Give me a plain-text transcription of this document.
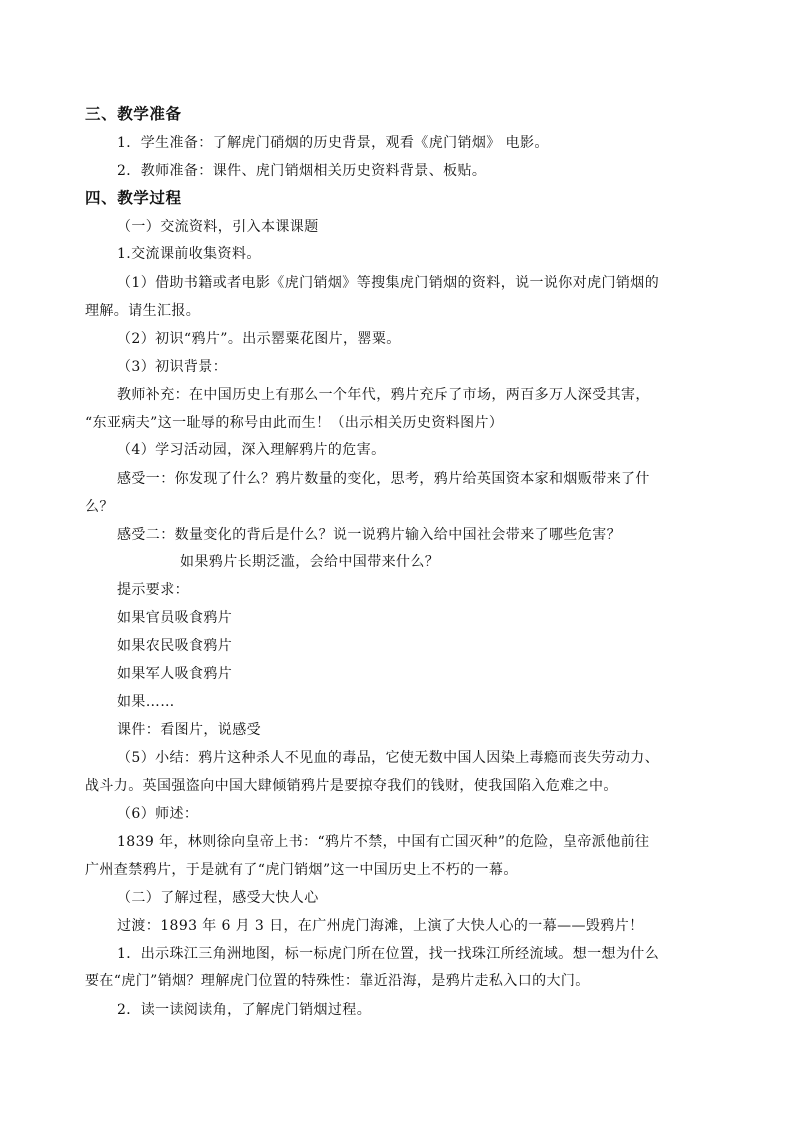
三、教学准备
1．学生准备：了解虎门硝烟的历史背景，观看《虎门销烟》 电影。
2．教师准备：课件、虎门销烟相关历史资料背景、板贴。
四、教学过程
（一）交流资料，引入本课课题
1.交流课前收集资料。
（1）借助书籍或者电影《虎门销烟》等搜集虎门销烟的资料，说一说你对虎门销烟的
理解。请生汇报。
（2）初识“鸦片”。出示罂粟花图片，罂粟。
（3）初识背景：
教师补充：在中国历史上有那么一个年代，鸦片充斥了市场，两百多万人深受其害，
“东亚病夫”这一耻辱的称号由此而生！（出示相关历史资料图片）
（4）学习活动园，深入理解鸦片的危害。
感受一：你发现了什么？鸦片数量的变化，思考，鸦片给英国资本家和烟贩带来了什
么？
感受二：数量变化的背后是什么？说一说鸦片输入给中国社会带来了哪些危害？
如果鸦片长期泛滥，会给中国带来什么？
提示要求：
如果官员吸食鸦片
如果农民吸食鸦片
如果军人吸食鸦片
如果……
课件：看图片，说感受
（5）小结：鸦片这种杀人不见血的毒品，它使无数中国人因染上毒瘾而丧失劳动力、
战斗力。英国强盗向中国大肆倾销鸦片是要掠夺我们的钱财，使我国陷入危难之中。
（6）师述：
1839 年，林则徐向皇帝上书：“鸦片不禁，中国有亡国灭种”的危险，皇帝派他前往
广州查禁鸦片，于是就有了“虎门销烟”这一中国历史上不朽的一幕。
（二）了解过程，感受大快人心
过渡：1893 年 6 月 3 日，在广州虎门海滩，上演了大快人心的一幕——毁鸦片！
1．出示珠江三角洲地图，标一标虎门所在位置，找一找珠江所经流域。想一想为什么
要在“虎门”销烟？理解虎门位置的特殊性：靠近沿海，是鸦片走私入口的大门。
2．读一读阅读角，了解虎门销烟过程。
